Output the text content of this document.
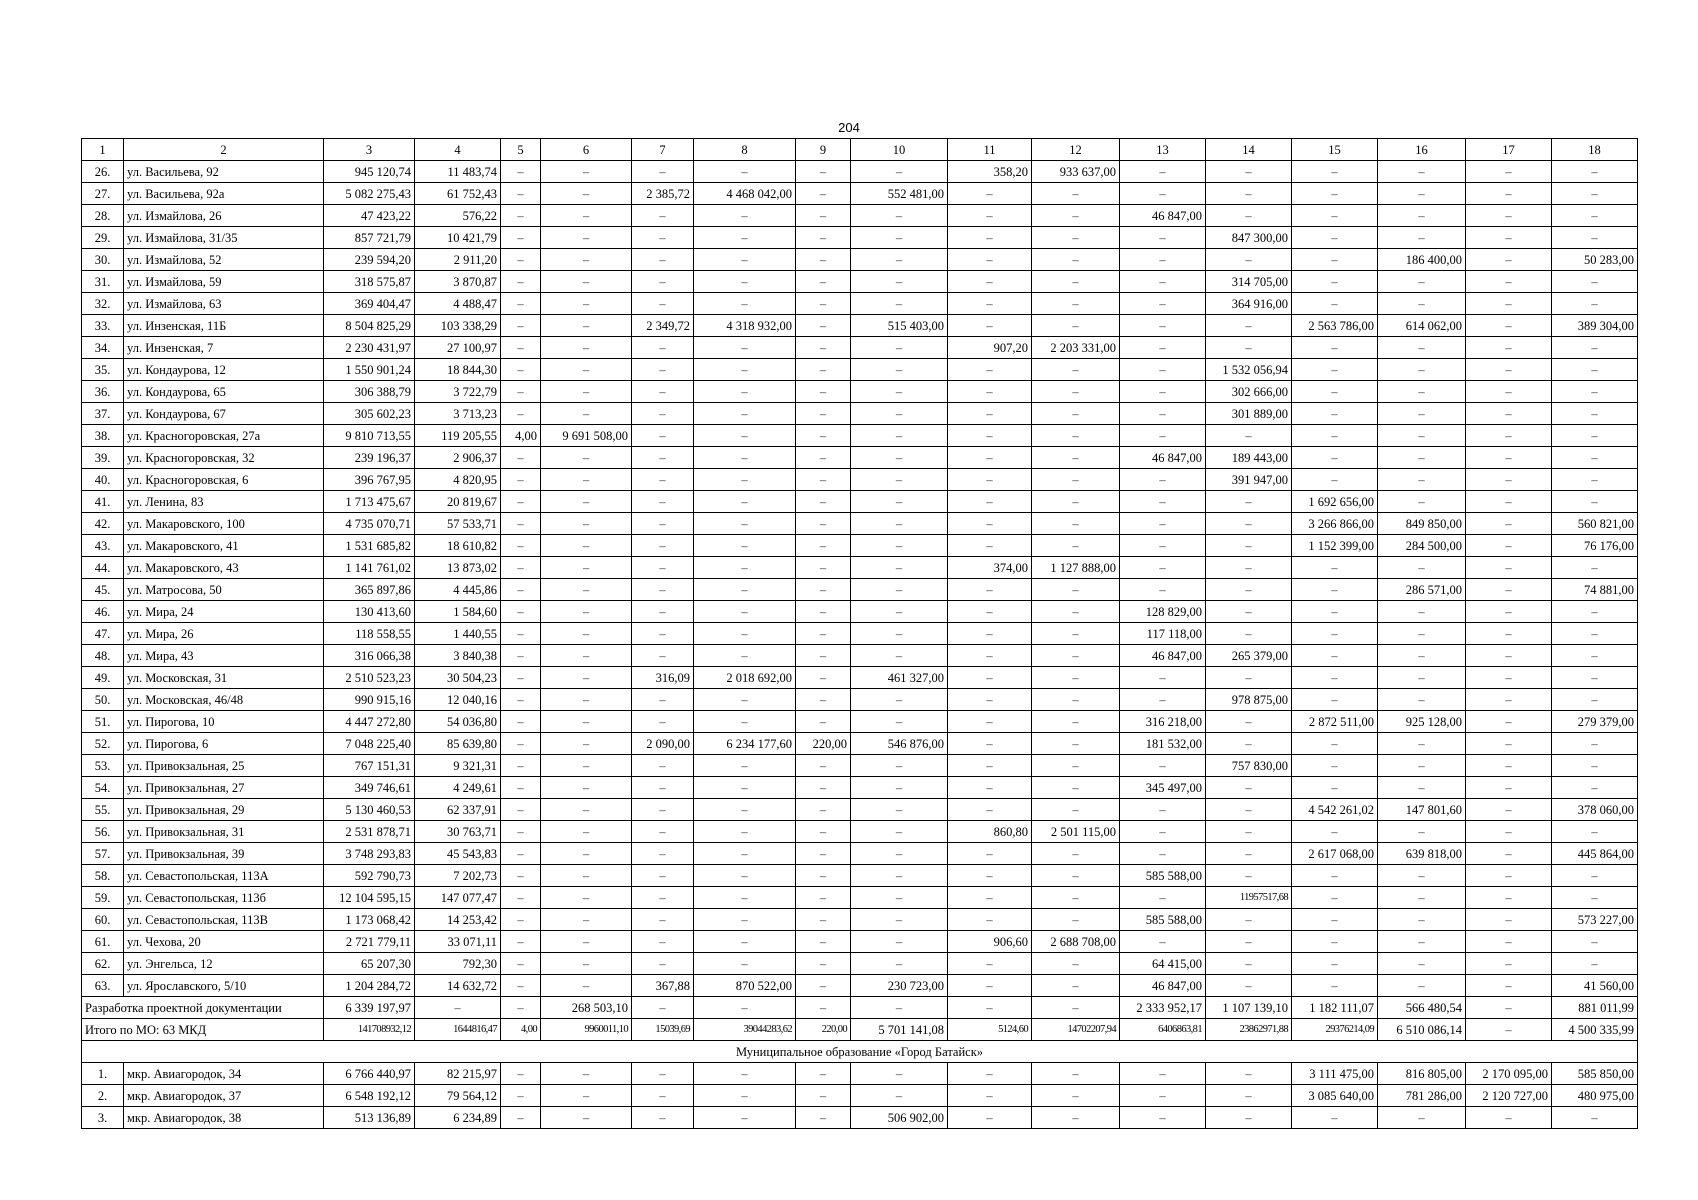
204
1	2	3	4	5	6	7	8	9	10	11	12	13	14	15	16	17	18
26.	ул. Васильева, 92	945 120,74	11 483,74	–	–	–	–	–	–	358,20	933 637,00	–	–	–	–	–	–
27.	ул. Васильева, 92а	5 082 275,43	61 752,43	–	–	2 385,72	4 468 042,00	–	552 481,00	–	–	–	–	–	–	–	–
28.	ул. Измайлова, 26	47 423,22	576,22	–	–	–	–	–	–	–	–	46 847,00	–	–	–	–	–
29.	ул. Измайлова, 31/35	857 721,79	10 421,79	–	–	–	–	–	–	–	–	–	847 300,00	–	–	–	–
30.	ул. Измайлова, 52	239 594,20	2 911,20	–	–	–	–	–	–	–	–	–	–	–	186 400,00	–	50 283,00
31.	ул. Измайлова, 59	318 575,87	3 870,87	–	–	–	–	–	–	–	–	–	314 705,00	–	–	–	–
32.	ул. Измайлова, 63	369 404,47	4 488,47	–	–	–	–	–	–	–	–	–	364 916,00	–	–	–	–
33.	ул. Инзенская, 11Б	8 504 825,29	103 338,29	–	–	2 349,72	4 318 932,00	–	515 403,00	–	–	–	–	2 563 786,00	614 062,00	–	389 304,00
34.	ул. Инзенская, 7	2 230 431,97	27 100,97	–	–	–	–	–	–	907,20	2 203 331,00	–	–	–	–	–	–
35.	ул. Кондаурова, 12	1 550 901,24	18 844,30	–	–	–	–	–	–	–	–	–	1 532 056,94	–	–	–	–
36.	ул. Кондаурова, 65	306 388,79	3 722,79	–	–	–	–	–	–	–	–	–	302 666,00	–	–	–	–
37.	ул. Кондаурова, 67	305 602,23	3 713,23	–	–	–	–	–	–	–	–	–	301 889,00	–	–	–	–
38.	ул. Красногоровская, 27а	9 810 713,55	119 205,55	4,00	9 691 508,00	–	–	–	–	–	–	–	–	–	–	–	–
39.	ул. Красногоровская, 32	239 196,37	2 906,37	–	–	–	–	–	–	–	–	46 847,00	189 443,00	–	–	–	–
40.	ул. Красногоровская, 6	396 767,95	4 820,95	–	–	–	–	–	–	–	–	–	391 947,00	–	–	–	–
41.	ул. Ленина, 83	1 713 475,67	20 819,67	–	–	–	–	–	–	–	–	–	–	1 692 656,00	–	–	–
42.	ул. Макаровского, 100	4 735 070,71	57 533,71	–	–	–	–	–	–	–	–	–	–	3 266 866,00	849 850,00	–	560 821,00
43.	ул. Макаровского, 41	1 531 685,82	18 610,82	–	–	–	–	–	–	–	–	–	–	1 152 399,00	284 500,00	–	76 176,00
44.	ул. Макаровского, 43	1 141 761,02	13 873,02	–	–	–	–	–	–	374,00	1 127 888,00	–	–	–	–	–	–
45.	ул. Матросова, 50	365 897,86	4 445,86	–	–	–	–	–	–	–	–	–	–	–	286 571,00	–	74 881,00
46.	ул. Мира, 24	130 413,60	1 584,60	–	–	–	–	–	–	–	–	128 829,00	–	–	–	–	–
47.	ул. Мира, 26	118 558,55	1 440,55	–	–	–	–	–	–	–	–	117 118,00	–	–	–	–	–
48.	ул. Мира, 43	316 066,38	3 840,38	–	–	–	–	–	–	–	–	46 847,00	265 379,00	–	–	–	–
49.	ул. Московская, 31	2 510 523,23	30 504,23	–	–	316,09	2 018 692,00	–	461 327,00	–	–	–	–	–	–	–	–
50.	ул. Московская, 46/48	990 915,16	12 040,16	–	–	–	–	–	–	–	–	–	978 875,00	–	–	–	–
51.	ул. Пирогова, 10	4 447 272,80	54 036,80	–	–	–	–	–	–	–	–	316 218,00	–	2 872 511,00	925 128,00	–	279 379,00
52.	ул. Пирогова, 6	7 048 225,40	85 639,80	–	–	2 090,00	6 234 177,60	220,00	546 876,00	–	–	181 532,00	–	–	–	–	–
53.	ул. Привокзальная, 25	767 151,31	9 321,31	–	–	–	–	–	–	–	–	–	757 830,00	–	–	–	–
54.	ул. Привокзальная, 27	349 746,61	4 249,61	–	–	–	–	–	–	–	–	345 497,00	–	–	–	–	–
55.	ул. Привокзальная, 29	5 130 460,53	62 337,91	–	–	–	–	–	–	–	–	–	–	4 542 261,02	147 801,60	–	378 060,00
56.	ул. Привокзальная, 31	2 531 878,71	30 763,71	–	–	–	–	–	–	860,80	2 501 115,00	–	–	–	–	–	–
57.	ул. Привокзальная, 39	3 748 293,83	45 543,83	–	–	–	–	–	–	–	–	–	–	2 617 068,00	639 818,00	–	445 864,00
58.	ул. Севастопольская, 113А	592 790,73	7 202,73	–	–	–	–	–	–	–	–	585 588,00	–	–	–	–	–
59.	ул. Севастопольская, 113б	12 104 595,15	147 077,47	–	–	–	–	–	–	–	–	–	11957517,68	–	–	–	–
60.	ул. Севастопольская, 113В	1 173 068,42	14 253,42	–	–	–	–	–	–	–	–	585 588,00	–	–	–	–	573 227,00
61.	ул. Чехова, 20	2 721 779,11	33 071,11	–	–	–	–	–	–	906,60	2 688 708,00	–	–	–	–	–	–
62.	ул. Энгельса, 12	65 207,30	792,30	–	–	–	–	–	–	–	–	64 415,00	–	–	–	–	–
63.	ул. Ярославского, 5/10	1 204 284,72	14 632,72	–	–	367,88	870 522,00	–	230 723,00	–	–	46 847,00	–	–	–	–	41 560,00
Разработка проектной документации		6 339 197,97	–	–	268 503,10	–	–	–	–	–	–	2 333 952,17	1 107 139,10	1 182 111,07	566 480,54	–	881 011,99
Итого по МО: 63 МКД		141708932,12	1644816,47	4,00	9960011,10	15039,69	39044283,62	220,00	5 701 141,08	5124,60	14702207,94	6406863,81	23862971,88	29376214,09	6 510 086,14	–	4 500 335,99
Муниципальное образование «Город Батайск»																	
1.	мкр. Авиагородок, 34	6 766 440,97	82 215,97	–	–	–	–	–	–	–	–	–	–	3 111 475,00	816 805,00	2 170 095,00	585 850,00
2.	мкр. Авиагородок, 37	6 548 192,12	79 564,12	–	–	–	–	–	–	–	–	–	–	3 085 640,00	781 286,00	2 120 727,00	480 975,00
3.	мкр. Авиагородок, 38	513 136,89	6 234,89	–	–	–	–	–	506 902,00	–	–	–	–	–	–	–	–
